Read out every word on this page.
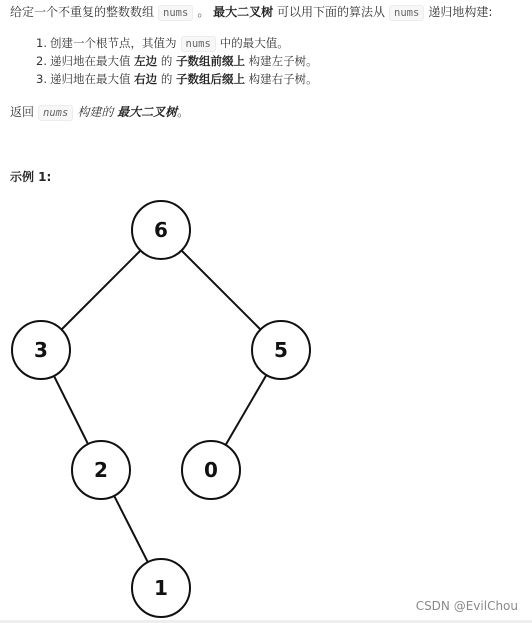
给定一个不重复的整数数组 nums 。 最大二叉树 可以用下面的算法从 nums 递归地构建:
1. 创建一个根节点，其值为 nums 中的最大值。
2. 递归地在最大值 左边 的 子数组前缀上 构建左子树。
3. 递归地在最大值 右边 的 子数组后缀上 构建右子树。
返回 nums 构建的 最大二叉树。
示例 1:
6
3	5
2	0
1
CSDN @EvilChou
